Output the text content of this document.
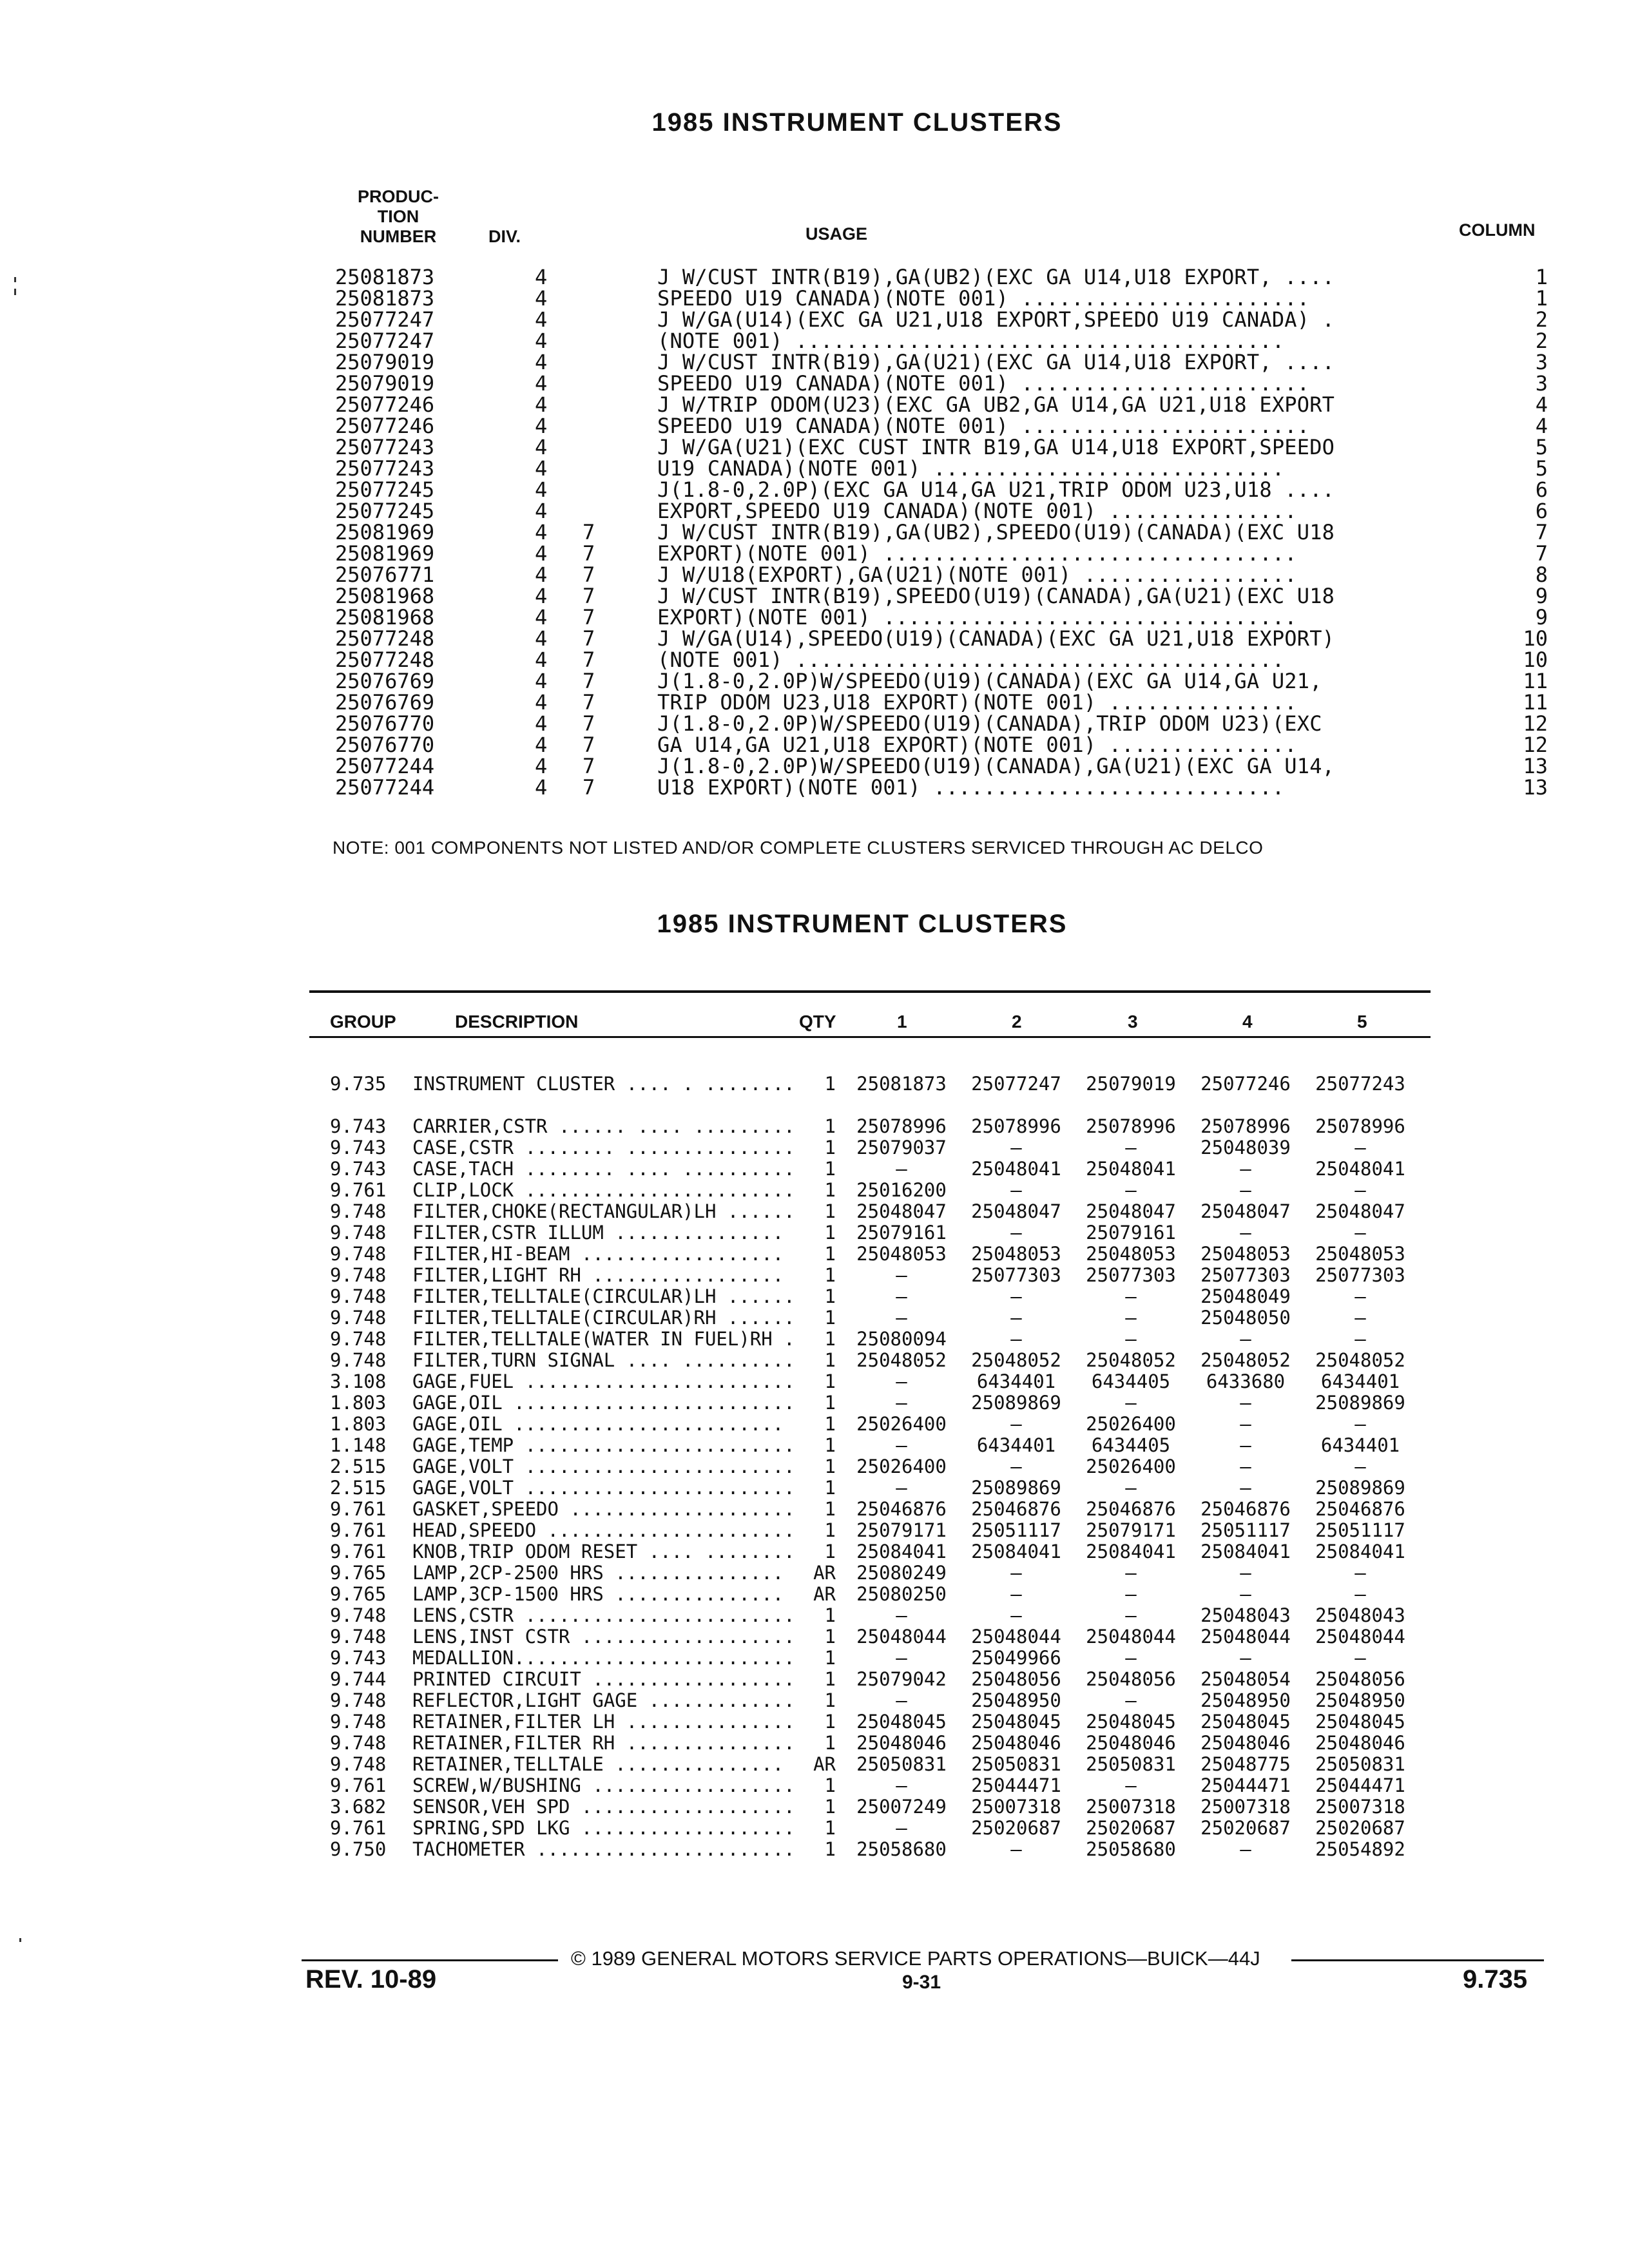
1985 INSTRUMENT CLUSTERS
PRODUC-
TION
NUMBER	DIV.	USAGE	COLUMN
25081873	4	J W/CUST INTR(B19),GA(UB2)(EXC GA U14,U18 EXPORT, ....	1
25081873	4	SPEEDO U19 CANADA)(NOTE 001) .......................	1
25077247	4	J W/GA(U14)(EXC GA U21,U18 EXPORT,SPEEDO U19 CANADA) .	2
25077247	4	(NOTE 001) .......................................	2
25079019	4	J W/CUST INTR(B19),GA(U21)(EXC GA U14,U18 EXPORT, ....	3
25079019	4	SPEEDO U19 CANADA)(NOTE 001) .......................	3
25077246	4	J W/TRIP ODOM(U23)(EXC GA UB2,GA U14,GA U21,U18 EXPORT	4
25077246	4	SPEEDO U19 CANADA)(NOTE 001) .......................	4
25077243	4	J W/GA(U21)(EXC CUST INTR B19,GA U14,U18 EXPORT,SPEEDO	5
25077243	4	U19 CANADA)(NOTE 001) ............................	5
25077245	4	J(1.8-0,2.0P)(EXC GA U14,GA U21,TRIP ODOM U23,U18 ....	6
25077245	4	EXPORT,SPEEDO U19 CANADA)(NOTE 001) ...............	6
25081969	4 7	J W/CUST INTR(B19),GA(UB2),SPEEDO(U19)(CANADA)(EXC U18	7
25081969	4 7	EXPORT)(NOTE 001) .................................	7
25076771	4 7	J W/U18(EXPORT),GA(U21)(NOTE 001) .................	8
25081968	4 7	J W/CUST INTR(B19),SPEEDO(U19)(CANADA),GA(U21)(EXC U18	9
25081968	4 7	EXPORT)(NOTE 001) .................................	9
25077248	4 7	J W/GA(U14),SPEEDO(U19)(CANADA)(EXC GA U21,U18 EXPORT)	10
25077248	4 7	(NOTE 001) .......................................	10
25076769	4 7	J(1.8-0,2.0P)W/SPEEDO(U19)(CANADA)(EXC GA U14,GA U21,	11
25076769	4 7	TRIP ODOM U23,U18 EXPORT)(NOTE 001) ...............	11
25076770	4 7	J(1.8-0,2.0P)W/SPEEDO(U19)(CANADA),TRIP ODOM U23)(EXC	12
25076770	4 7	GA U14,GA U21,U18 EXPORT)(NOTE 001) ...............	12
25077244	4 7	J(1.8-0,2.0P)W/SPEEDO(U19)(CANADA),GA(U21)(EXC GA U14,	13
25077244	4 7	U18 EXPORT)(NOTE 001) ............................	13
NOTE: 001 COMPONENTS NOT LISTED AND/OR COMPLETE CLUSTERS SERVICED THROUGH AC DELCO
1985 INSTRUMENT CLUSTERS
GROUP	DESCRIPTION	QTY	1	2	3	4	5
9.735 INSTRUMENT CLUSTER .... . ........	1 25081873 25077247 25079019 25077246 25077243
9.743 CARRIER,CSTR ...... .... .........	1 25078996 25078996 25078996 25078996 25078996
9.743 CASE,CSTR ........ ...............	1 25079037	—	—	25048039	—
9.743 CASE,TACH ........ .... ..........	1	—	25048041 25048041	—	25048041
9.761 CLIP,LOCK ........................	1 25016200	—	—	—	—
9.748 FILTER,CHOKE(RECTANGULAR)LH ......	1 25048047 25048047 25048047 25048047 25048047
9.748 FILTER,CSTR ILLUM ...............	1 25079161	—	25079161	—	—
9.748 FILTER,HI-BEAM ..................	1 25048053 25048053 25048053 25048053 25048053
9.748 FILTER,LIGHT RH .................	1	—	25077303 25077303 25077303 25077303
9.748 FILTER,TELLTALE(CIRCULAR)LH ......	1	—	—	—	25048049	—
9.748 FILTER,TELLTALE(CIRCULAR)RH ......	1	—	—	—	25048050	—
9.748 FILTER,TELLTALE(WATER IN FUEL)RH .	1 25080094	—	—	—	—
9.748 FILTER,TURN SIGNAL .... ..........	1 25048052 25048052 25048052 25048052 25048052
3.108 GAGE,FUEL ........................	1	—	6434401	6434405	6433680	6434401
1.803 GAGE,OIL .........................	1	—	25089869	—	—	25089869
1.803 GAGE,OIL ........................	1 25026400	—	25026400	—	—
1.148 GAGE,TEMP ........................	1	—	6434401	6434405	—	6434401
2.515 GAGE,VOLT ........................	1 25026400	—	25026400	—	—
2.515 GAGE,VOLT ........................	1	—	25089869	—	—	25089869
9.761 GASKET,SPEEDO ....................	1 25046876 25046876 25046876 25046876 25046876
9.761 HEAD,SPEEDO ......................	1 25079171 25051117 25079171 25051117 25051117
9.761 KNOB,TRIP ODOM RESET .... ........	1 25084041 25084041 25084041 25084041 25084041
9.765 LAMP,2CP-2500 HRS ...............	AR 25080249	—	—	—	—
9.765 LAMP,3CP-1500 HRS ...............	AR 25080250	—	—	—	—
9.748 LENS,CSTR ........................	1	—	—	—	25048043 25048043
9.748 LENS,INST CSTR ...................	1 25048044 25048044 25048044 25048044 25048044
9.743 MEDALLION.........................	1	—	25049966	—	—	—
9.744 PRINTED CIRCUIT ..................	1 25079042 25048056 25048056 25048054 25048056
9.748 REFLECTOR,LIGHT GAGE .............	1	—	25048950	—	25048950 25048950
9.748 RETAINER,FILTER LH ...............	1 25048045 25048045 25048045 25048045 25048045
9.748 RETAINER,FILTER RH ...............	1 25048046 25048046 25048046 25048046 25048046
9.748 RETAINER,TELLTALE ...............	AR 25050831 25050831 25050831 25048775 25050831
9.761 SCREW,W/BUSHING ..................	1	—	25044471	—	25044471 25044471
3.682 SENSOR,VEH SPD ...................	1 25007249 25007318 25007318 25007318 25007318
9.761 SPRING,SPD LKG ...................	1	—	25020687 25020687 25020687 25020687
9.750 TACHOMETER .......................	1 25058680	—	25058680	—	25054892
© 1989 GENERAL MOTORS SERVICE PARTS OPERATIONS—BUICK—44J
REV. 10-89	9-31	9.735
